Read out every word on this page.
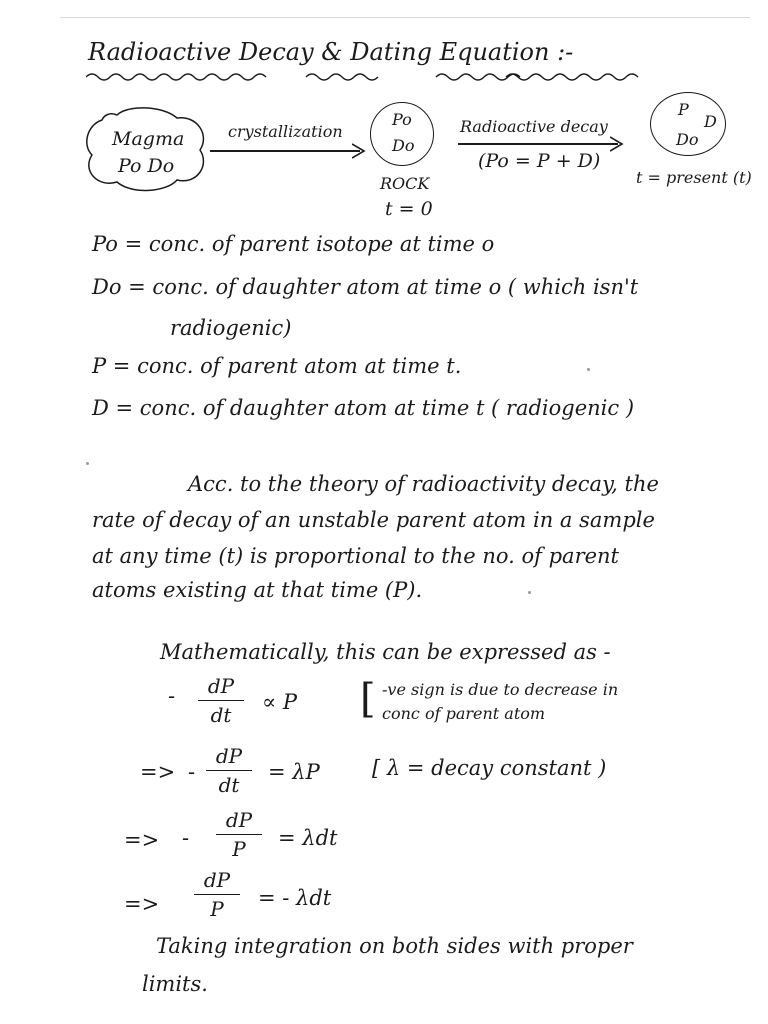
Radioactive Decay & Dating Equation :-
Magma
Po Do
crystallization
Po
Do
ROCK
t = 0
Radioactive decay
(Po = P + D)
P
D
Do
t = present (t)
Po = conc. of parent isotope at time o
Do = conc. of daughter atom at time o ( which isn't
radiogenic)
P = conc. of parent atom at time t.
D = conc. of daughter atom at time t ( radiogenic )
Acc. to the theory of radioactivity decay, the
rate of decay of an unstable parent atom in a sample
at any time (t) is proportional to the no. of parent
atoms existing at that time (P).
Mathematically, this can be expressed as -
-	dP
dt
∝ P [ -ve sign is due to decrease in
conc of parent atom
=> -
dP
dt
= λP [ λ = decay constant )
=> -
dP
P	= λdt
=>
dP
P	= - λdt
Taking integration on both sides with proper
limits.
